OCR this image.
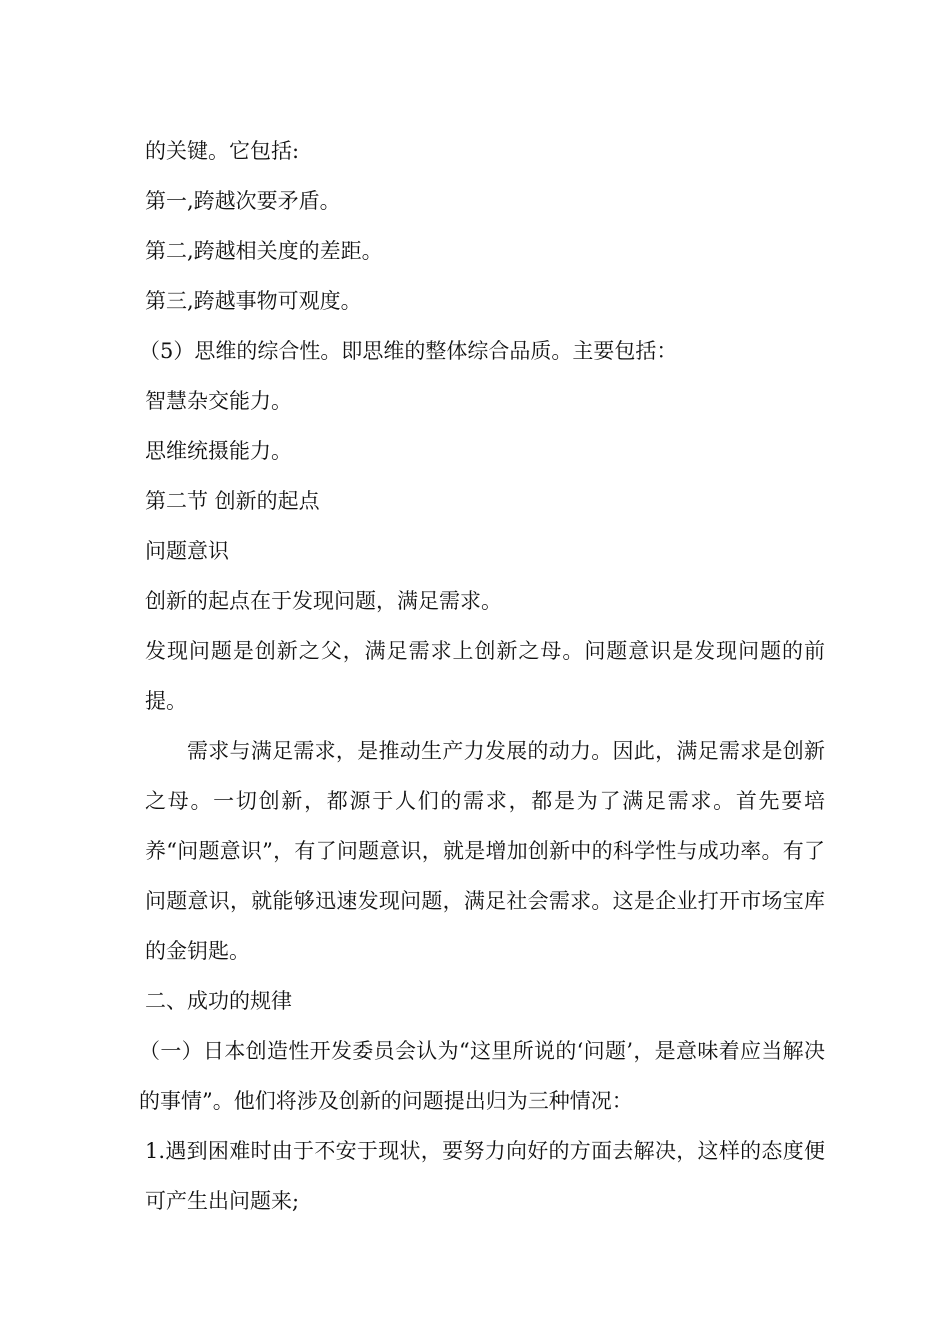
的关键。它包括:

第一,跨越次要矛盾。

第二,跨越相关度的差距。

第三,跨越事物可观度。

（5）思维的综合性。即思维的整体综合品质。主要包括：

智慧杂交能力。

思维统摄能力。

第二节 创新的起点

问题意识

创新的起点在于发现问题，满足需求。

发现问题是创新之父，满足需求上创新之母。问题意识是发现问题的前提。

需求与满足需求，是推动生产力发展的动力。因此，满足需求是创新之母。一切创新，都源于人们的需求，都是为了满足需求。首先要培养“问题意识”，有了问题意识，就是增加创新中的科学性与成功率。有了问题意识，就能够迅速发现问题，满足社会需求。这是企业打开市场宝库的金钥匙。

二、成功的规律

（一）日本创造性开发委员会认为“这里所说的‘问题’，是意味着应当解决的事情”。他们将涉及创新的问题提出归为三种情况：

1.遇到困难时由于不安于现状，要努力向好的方面去解决，这样的态度便可产生出问题来;
